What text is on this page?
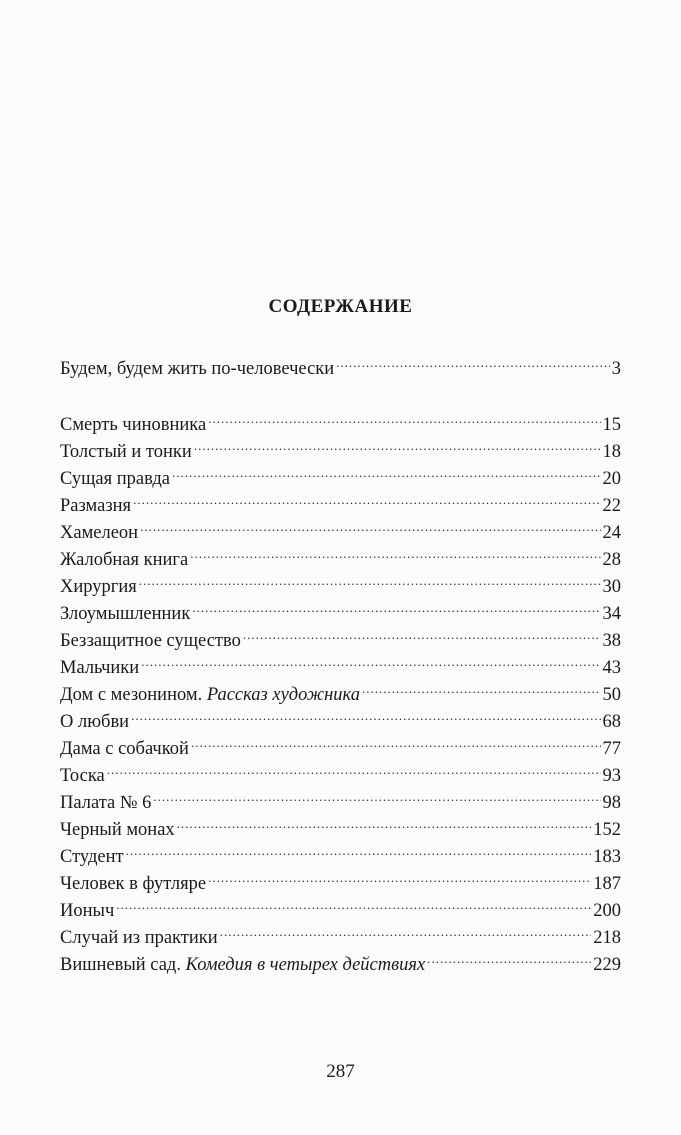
СОДЕРЖАНИЕ
Будем, будем жить по-человечески .....	3
Смерть чиновника .....	15
Толстый и тонки .....	18
Сущая правда .....	20
Размазня .....	22
Хамелеон .....	24
Жалобная книга .....	28
Хирургия .....	30
Злоумышленник .....	34
Беззащитное существо .....	38
Мальчики .....	43
Дом с мезонином. Рассказ художника .....	50
О любви .....	68
Дама с собачкой .....	77
Тоска .....	93
Палата № 6 .....	98
Черный монах .....	152
Студент .....	183
Человек в футляре .....	187
Ионыч .....	200
Случай из практики .....	218
Вишневый сад. Комедия в четырех действиях .....	229
287
